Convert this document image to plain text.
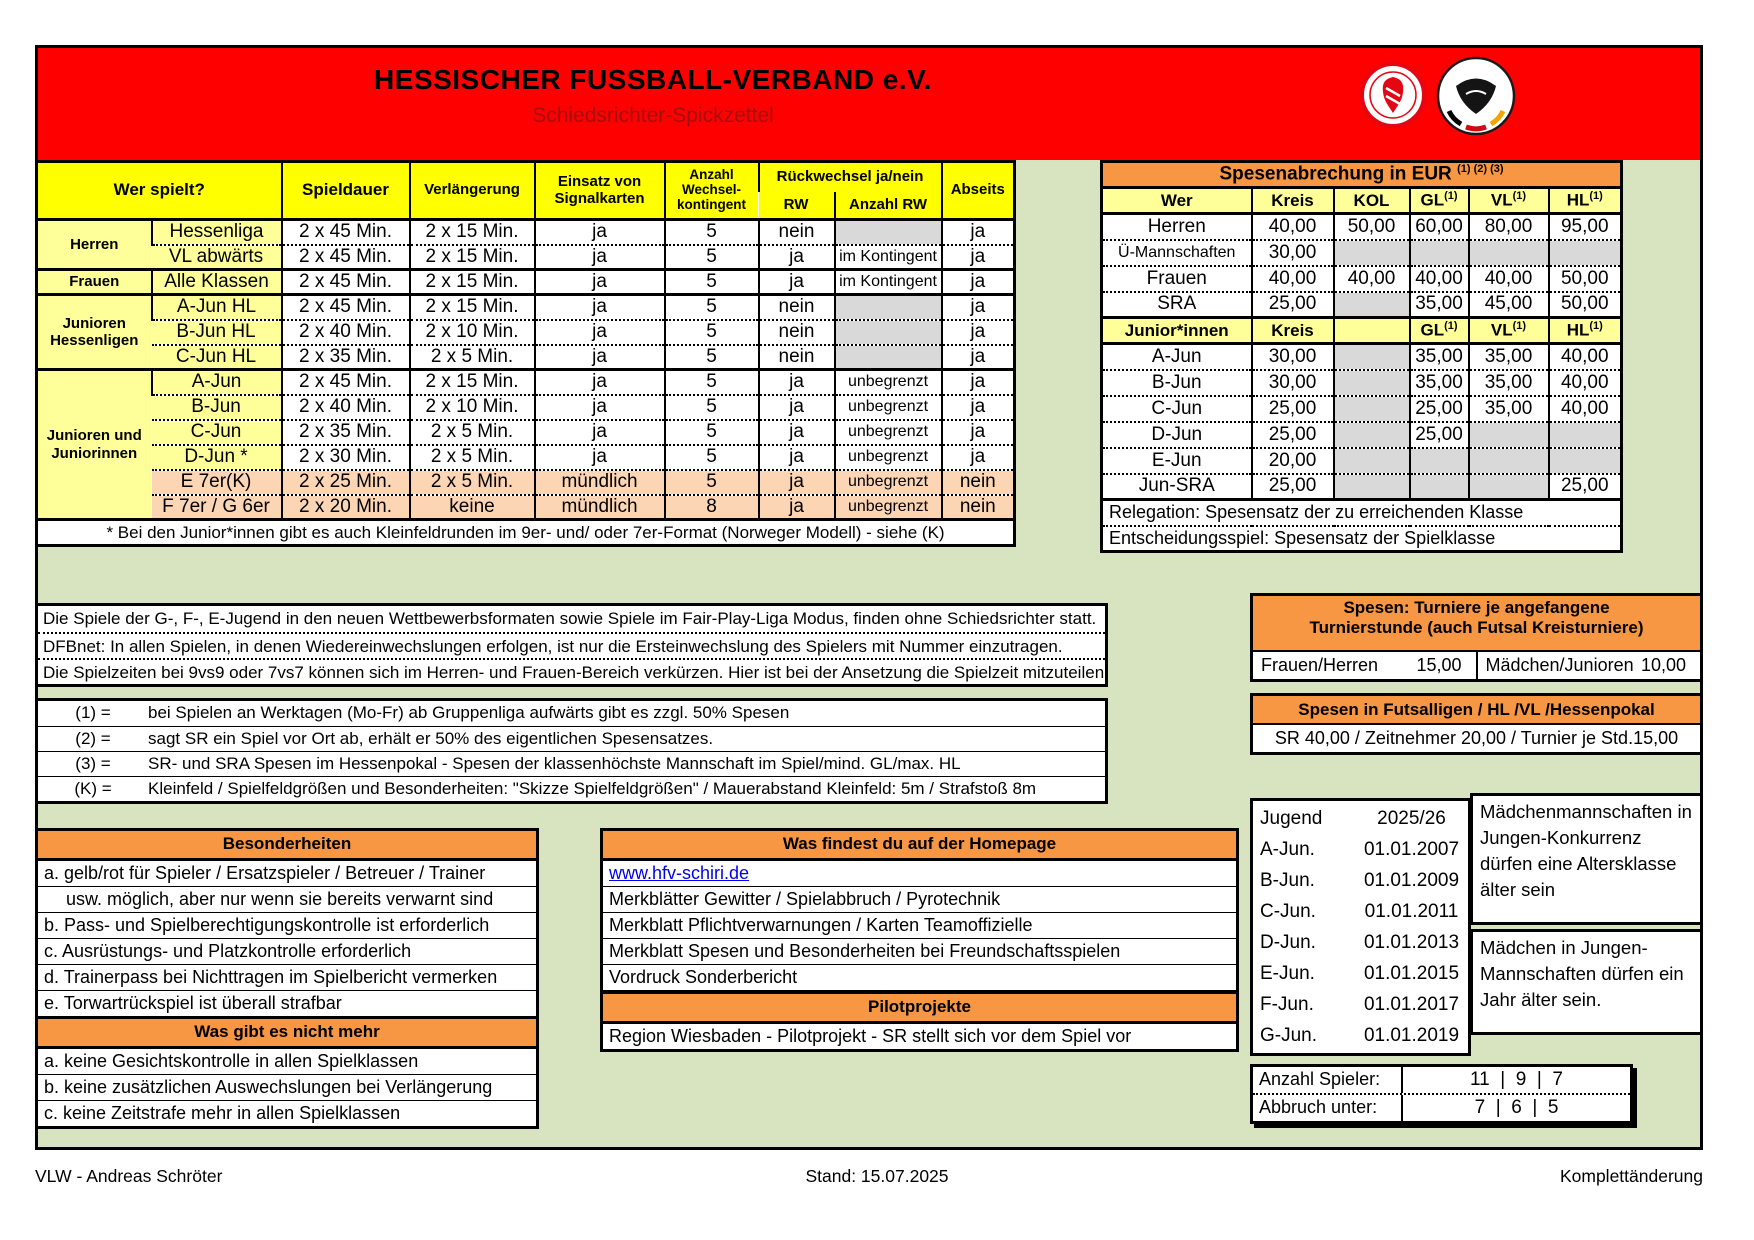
HESSISCHER FUSSBALL-VERBAND e.V.
Schiedsrichter-Spickzettel
Wer spielt?		Spieldauer	Verlängerung	Einsatz von Signalkarten	Anzahl Wechsel- kontingent	Rückwechsel ja/nein		Abseits
						RW	Anzahl RW	
Herren	Hessenliga	2 x 45 Min.	2 x 15 Min.	ja	5	nein		ja
	VL abwärts	2 x 45 Min.	2 x 15 Min.	ja	5	ja	im Kontingent	ja
Frauen	Alle Klassen	2 x 45 Min.	2 x 15 Min.	ja	5	ja	im Kontingent	ja
Junioren Hessenligen	A-Jun HL	2 x 45 Min.	2 x 15 Min.	ja	5	nein		ja
	B-Jun HL	2 x 40 Min.	2 x 10 Min.	ja	5	nein		ja
	C-Jun HL	2 x 35 Min.	2 x 5 Min.	ja	5	nein		ja
Junioren und Juniorinnen	A-Jun	2 x 45 Min.	2 x 15 Min.	ja	5	ja	unbegrenzt	ja
	B-Jun	2 x 40 Min.	2 x 10 Min.	ja	5	ja	unbegrenzt	ja
	C-Jun	2 x 35 Min.	2 x 5 Min.	ja	5	ja	unbegrenzt	ja
	D-Jun *	2 x 30 Min.	2 x 5 Min.	ja	5	ja	unbegrenzt	ja
	E 7er(K)	2 x 25 Min.	2 x 5 Min.	mündlich	5	ja	unbegrenzt	nein
	F 7er / G 6er	2 x 20 Min.	keine	mündlich	8	ja	unbegrenzt	nein
* Bei den Junior*innen gibt es auch Kleinfeldrunden im 9er- und/ oder 7er-Format (Norweger Modell) - siehe (K)								
Spesenabrechung in EUR $^{(1) (2) (3)}$
Wer	Kreis	KOL	GL$^{(1)}$	VL$^{(1)}$	HL$^{(1)}$
Herren	40,00	50,00	60,00	80,00	95,00
Ü-Mannschaften	30,00				
Frauen	40,00	40,00	40,00	40,00	50,00
SRA	25,00		35,00	45,00	50,00
Junior*innen	Kreis		GL$^{(1)}$	VL$^{(1)}$	HL$^{(1)}$
A-Jun	30,00		35,00	35,00	40,00
B-Jun	30,00		35,00	35,00	40,00
C-Jun	25,00		25,00	35,00	40,00
D-Jun	25,00		25,00		
E-Jun	20,00				
Jun-SRA	25,00				25,00
Relegation: Spesensatz der zu erreichenden Klasse					
Entscheidungsspiel: Spesensatz der Spielklasse					
Spesen: Turniere je angefangene
Turnierstunde (auch Futsal Kreisturniere)
Frauen/Herren 15,00 Mädchen/Junioren 10,00
Die Spiele der G-, F-, E-Jugend in den neuen Wettbewerbsformaten sowie Spiele im Fair-Play-Liga Modus, finden ohne Schiedsrichter statt.
DFBnet: In allen Spielen, in denen Wiedereinwechslungen erfolgen, ist nur die Ersteinwechslung des Spielers mit Nummer einzutragen.
Die Spielzeiten bei 9vs9 oder 7vs7 können sich im Herren- und Frauen-Bereich verkürzen. Hier ist bei der Ansetzung die Spielzeit mitzuteilen
(1) =	bei Spielen an Werktagen (Mo-Fr) ab Gruppenliga aufwärts gibt es zzgl. 50% Spesen
(2) =	sagt SR ein Spiel vor Ort ab, erhält er 50% des eigentlichen Spesensatzes.
(3) =	SR- und SRA Spesen im Hessenpokal - Spesen der klassenhöchste Mannschaft im Spiel/mind. GL/max. HL
(K) =	Kleinfeld / Spielfeldgrößen und Besonderheiten: "Skizze Spielfeldgrößen" / Mauerabstand Kleinfeld: 5m / Strafstoß 8m
Spesen in Futsalligen / HL /VL /Hessenpokal
SR 40,00 / Zeitnehmer 20,00 / Turnier je Std.15,00
Besonderheiten
a. gelb/rot für Spieler / Ersatzspieler / Betreuer / Trainer
usw. möglich, aber nur wenn sie bereits verwarnt sind
b. Pass- und Spielberechtigungskontrolle ist erforderlich
c. Ausrüstungs- und Platzkontrolle erforderlich
d. Trainerpass bei Nichttragen im Spielbericht vermerken
e. Torwartrückspiel ist überall strafbar
Was gibt es nicht mehr
a. keine Gesichtskontrolle in allen Spielklassen
b. keine zusätzlichen Auswechslungen bei Verlängerung
c. keine Zeitstrafe mehr in allen Spielklassen
Was findest du auf der Homepage
www.hfv-schiri.de
Merkblätter Gewitter / Spielabbruch / Pyrotechnik
Merkblatt Pflichtverwarnungen / Karten Teamoffizielle
Merkblatt Spesen und Besonderheiten bei Freundschaftsspielen
Vordruck Sonderbericht
Pilotprojekte
Region Wiesbaden - Pilotprojekt - SR stellt sich vor dem Spiel vor
Jugend	2025/26
A-Jun.	01.01.2007
B-Jun.	01.01.2009
C-Jun.	01.01.2011
D-Jun.	01.01.2013
E-Jun.	01.01.2015
F-Jun.	01.01.2017
G-Jun.	01.01.2019
Mädchenmannschaften in Jungen-Konkurrenz dürfen eine Altersklasse älter sein
Mädchen in Jungen-Mannschaften dürfen ein Jahr älter sein.
Anzahl Spieler:	11  |  9  |  7
Abbruch unter:	7  |  6  |  5
VLW - Andreas Schröter	Stand: 15.07.2025	Komplettänderung
